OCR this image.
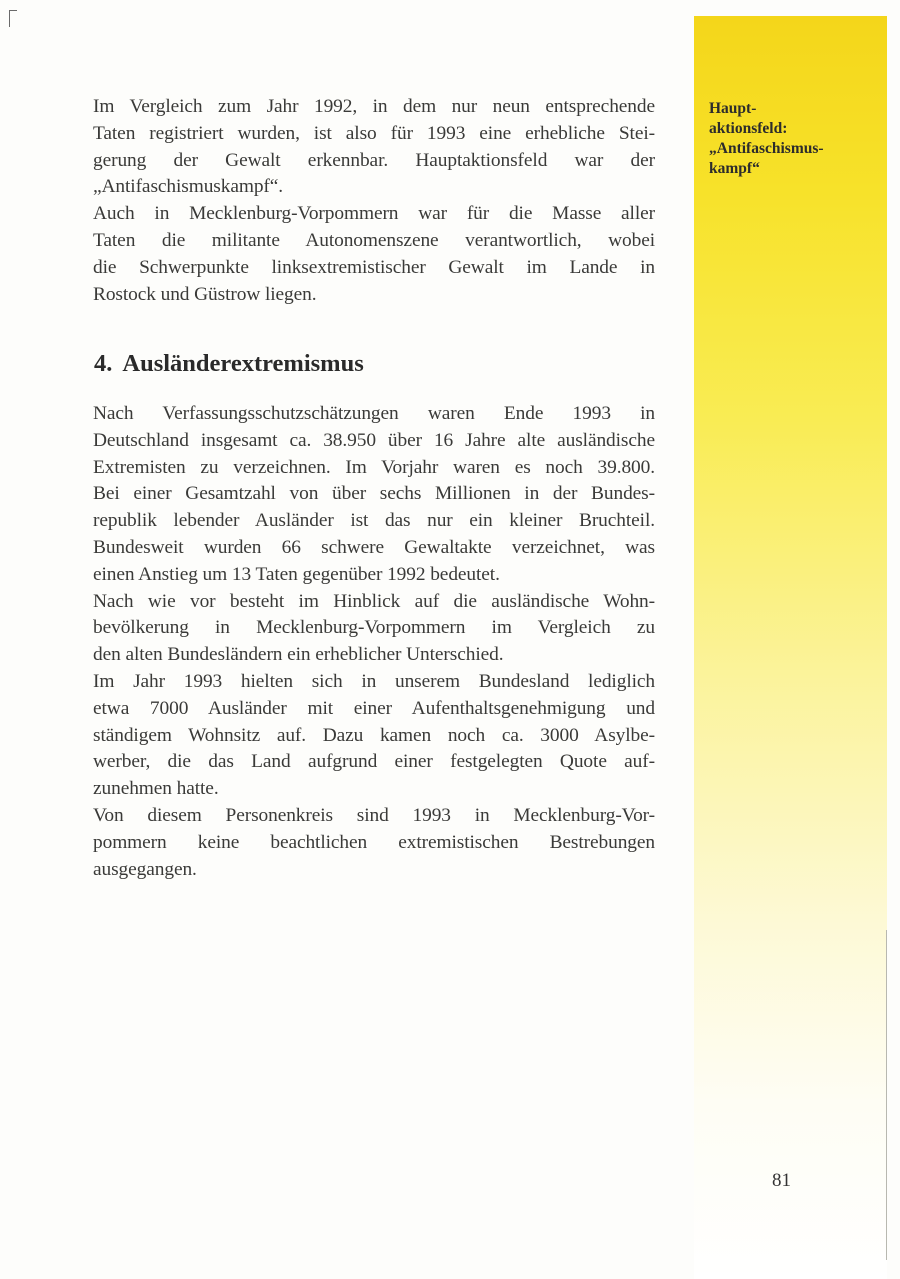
Haupt-
aktionsfeld:
„Antifaschismus-
kampf“

Im Vergleich zum Jahr 1992, in dem nur neun entsprechende
Taten registriert wurden, ist also für 1993 eine erhebliche Stei-
gerung der Gewalt erkennbar. Hauptaktionsfeld war der
„Antifaschismuskampf“.
Auch in Mecklenburg-Vorpommern war für die Masse aller
Taten die militante Autonomenszene verantwortlich, wobei
die Schwerpunkte linksextremistischer Gewalt im Lande in
Rostock und Güstrow liegen.

4. Ausländerextremismus

Nach Verfassungsschutzschätzungen waren Ende 1993 in
Deutschland insgesamt ca. 38.950 über 16 Jahre alte ausländische
Extremisten zu verzeichnen. Im Vorjahr waren es noch 39.800.
Bei einer Gesamtzahl von über sechs Millionen in der Bundes-
republik lebender Ausländer ist das nur ein kleiner Bruchteil.
Bundesweit wurden 66 schwere Gewaltakte verzeichnet, was
einen Anstieg um 13 Taten gegenüber 1992 bedeutet.
Nach wie vor besteht im Hinblick auf die ausländische Wohn-
bevölkerung in Mecklenburg-Vorpommern im Vergleich zu
den alten Bundesländern ein erheblicher Unterschied.
Im Jahr 1993 hielten sich in unserem Bundesland lediglich
etwa 7000 Ausländer mit einer Aufenthaltsgenehmigung und
ständigem Wohnsitz auf. Dazu kamen noch ca. 3000 Asylbe-
werber, die das Land aufgrund einer festgelegten Quote auf-
zunehmen hatte.
Von diesem Personenkreis sind 1993 in Mecklenburg-Vor-
pommern keine beachtlichen extremistischen Bestrebungen
ausgegangen.

81
